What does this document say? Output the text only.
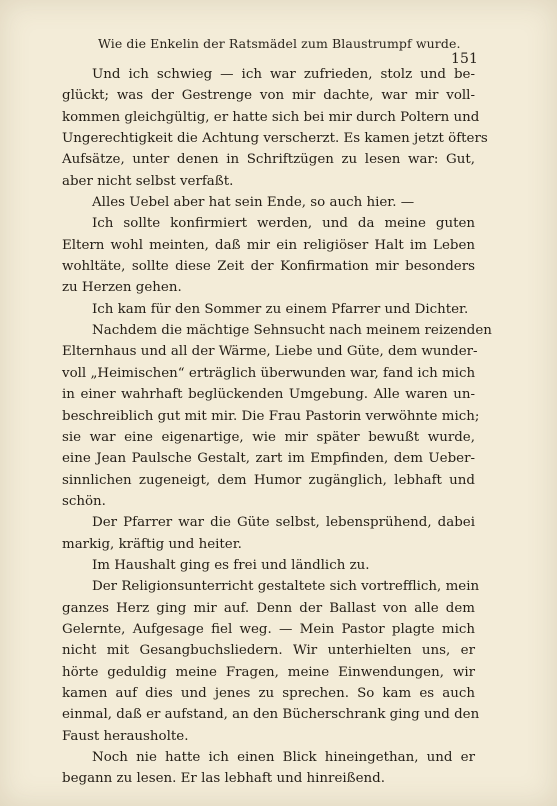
Wie die Enkelin der Ratsmädel zum Blaustrumpf wurde.
151
Und ich schwieg — ich war zufrieden, stolz und be-
glückt; was der Gestrenge von mir dachte, war mir voll-
kommen gleichgültig, er hatte sich bei mir durch Poltern und
Ungerechtigkeit die Achtung verscherzt. Es kamen jetzt öfters
Aufsätze, unter denen in Schriftzügen zu lesen war: Gut,
aber nicht selbst verfaßt.
Alles Uebel aber hat sein Ende, so auch hier. —
Ich sollte konfirmiert werden, und da meine guten
Eltern wohl meinten, daß mir ein religiöser Halt im Leben
wohltäte, sollte diese Zeit der Konfirmation mir besonders
zu Herzen gehen.
Ich kam für den Sommer zu einem Pfarrer und Dichter.
Nachdem die mächtige Sehnsucht nach meinem reizenden
Elternhaus und all der Wärme, Liebe und Güte, dem wunder-
voll „Heimischen“ erträglich überwunden war, fand ich mich
in einer wahrhaft beglückenden Umgebung. Alle waren un-
beschreiblich gut mit mir. Die Frau Pastorin verwöhnte mich;
sie war eine eigenartige, wie mir später bewußt wurde,
eine Jean Paulsche Gestalt, zart im Empfinden, dem Ueber-
sinnlichen zugeneigt, dem Humor zugänglich, lebhaft und
schön.
Der Pfarrer war die Güte selbst, lebensprühend, dabei
markig, kräftig und heiter.
Im Haushalt ging es frei und ländlich zu.
Der Religionsunterricht gestaltete sich vortrefflich, mein
ganzes Herz ging mir auf. Denn der Ballast von alle dem
Gelernte, Aufgesage fiel weg. — Mein Pastor plagte mich
nicht mit Gesangbuchsliedern. Wir unterhielten uns, er
hörte geduldig meine Fragen, meine Einwendungen, wir
kamen auf dies und jenes zu sprechen. So kam es auch
einmal, daß er aufstand, an den Bücherschrank ging und den
Faust herausholte.
Noch nie hatte ich einen Blick hineingethan, und er
begann zu lesen. Er las lebhaft und hinreißend.
